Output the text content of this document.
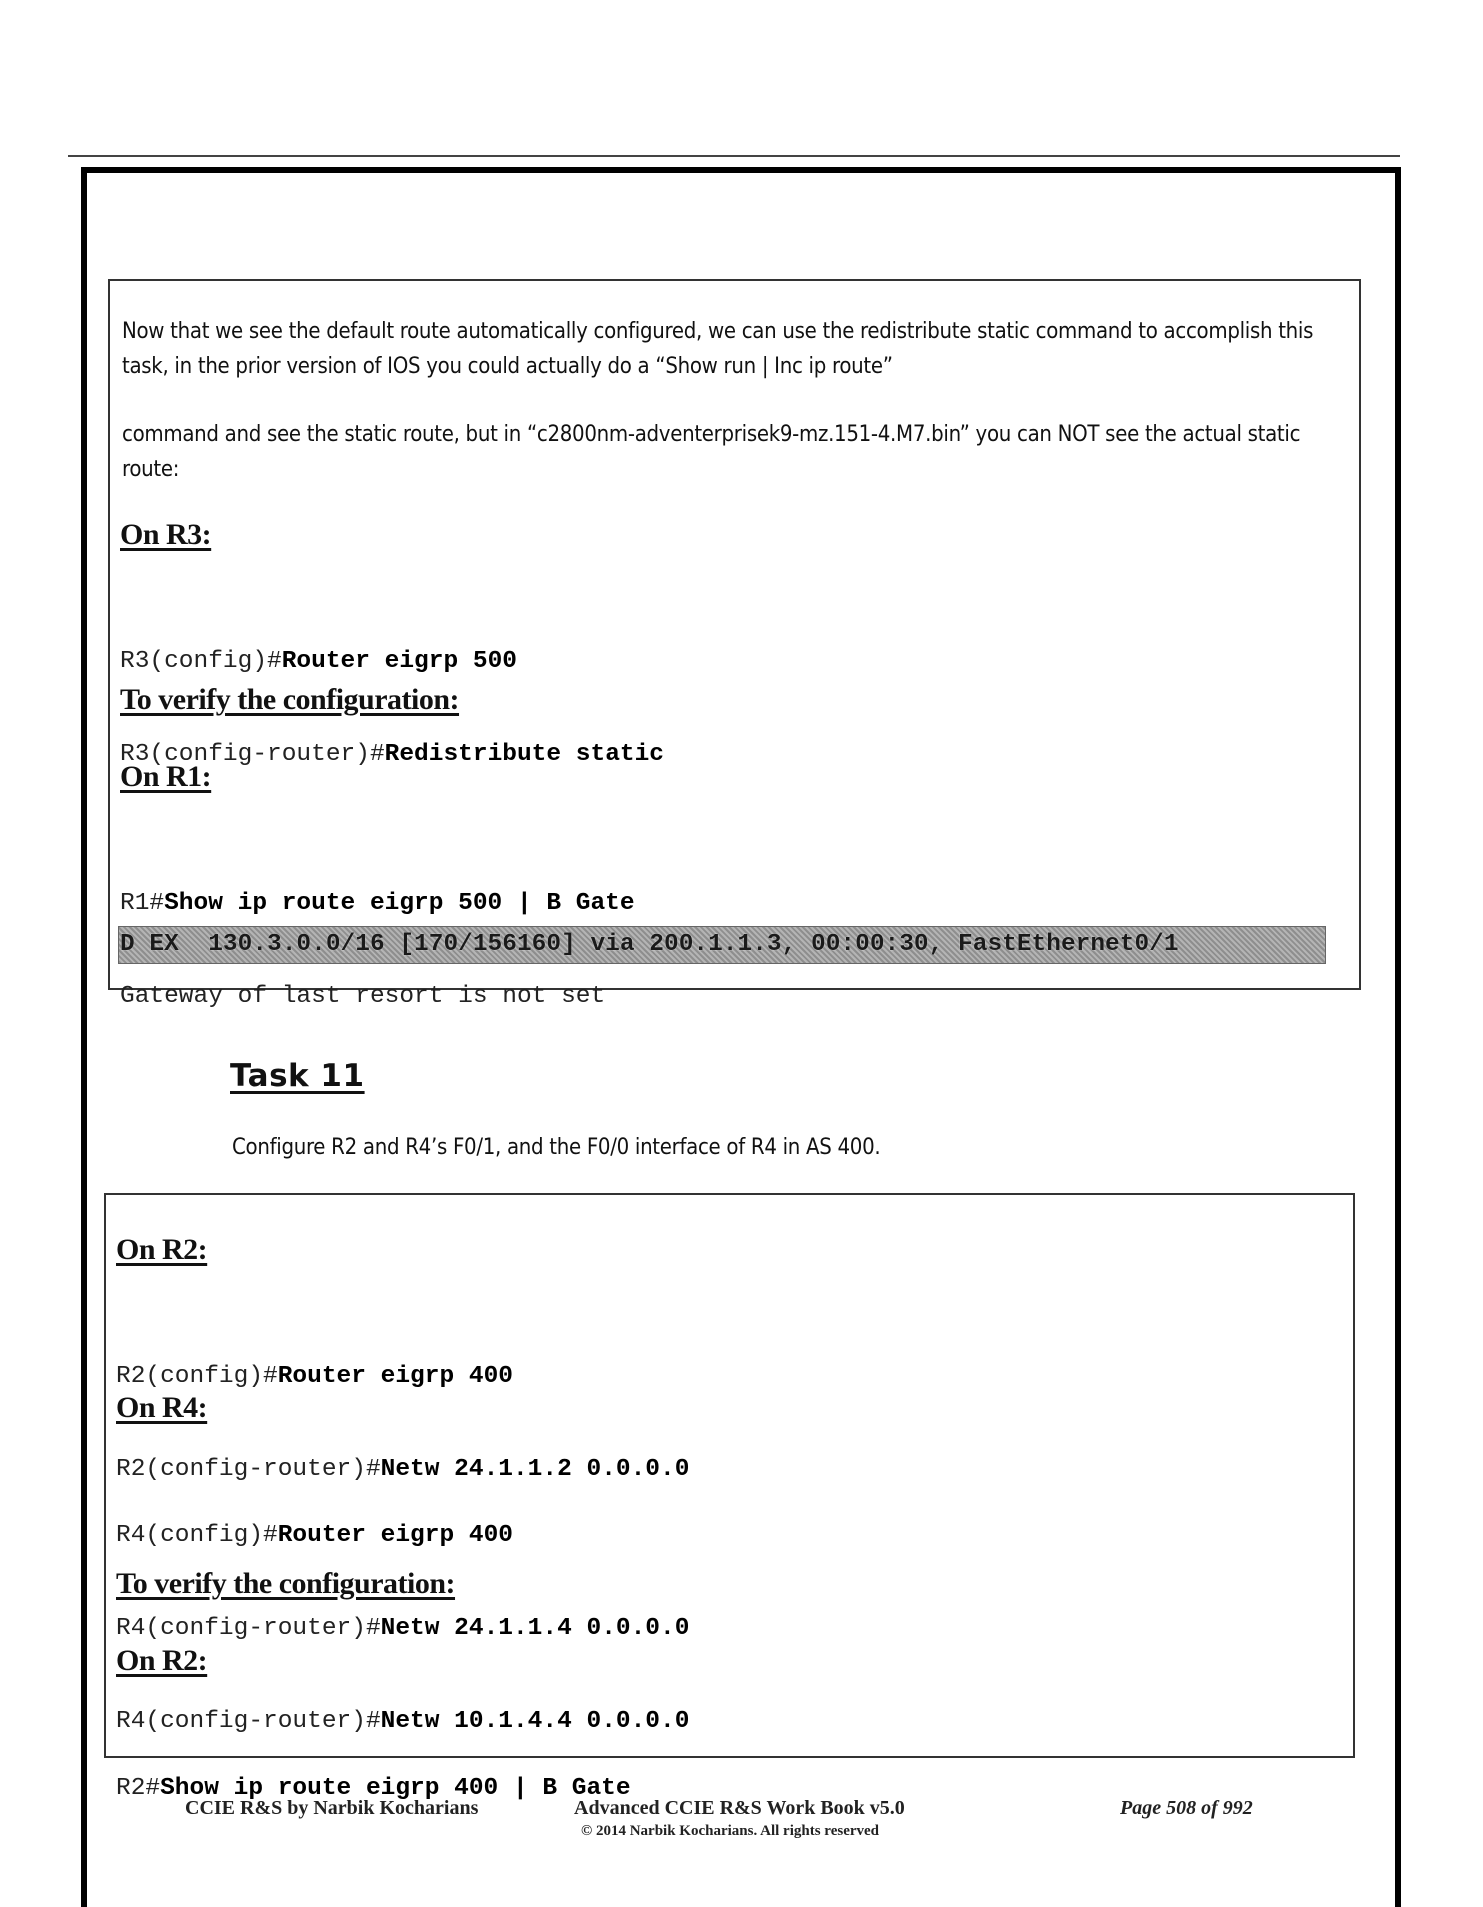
Now that we see the default route automatically configured, we can use the redistribute static command to accomplish this task, in the prior version of IOS you could actually do a “Show run | Inc ip route”
command and see the static route, but in “c2800nm-adventerprisek9-mz.151-4.M7.bin” you can NOT see the actual static route:
On R3:

R3(config)#Router eigrp 500

R3(config-router)#Redistribute static

To verify the configuration:
On R1:

R1#Show ip route eigrp 500 | B Gate

Gateway of last resort is not set

D EX  130.3.0.0/16 [170/156160] via 200.1.1.3, 00:00:30, FastEthernet0/1
Task 11
Configure R2 and R4’s F0/1, and the F0/0 interface of R4 in AS 400.
On R2:

R2(config)#Router eigrp 400

R2(config-router)#Netw 24.1.1.2 0.0.0.0

On R4:

R4(config)#Router eigrp 400

R4(config-router)#Netw 24.1.1.4 0.0.0.0

R4(config-router)#Netw 10.1.4.4 0.0.0.0

To verify the configuration:
On R2:

R2#Show ip route eigrp 400 | B Gate

CCIE R&S by Narbik Kocharians	Advanced CCIE R&S Work Book v5.0
© 2014 Narbik Kocharians. All rights reserved
Page 508 of 992
